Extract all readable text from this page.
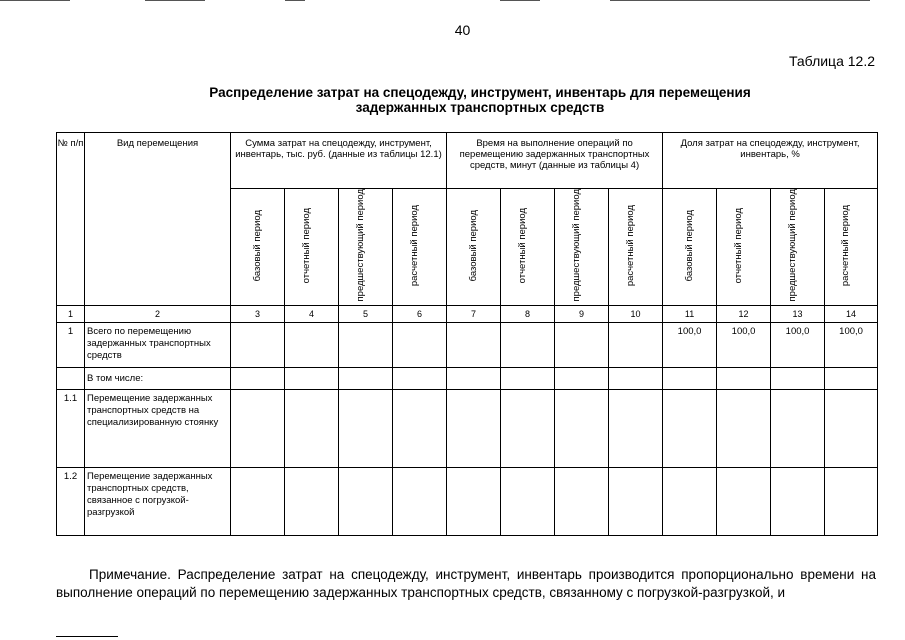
40
Таблица 12.2
Распределение затрат на спецодежду, инструмент, инвентарь для перемещения
задержанных транспортных средств
№ п/п	Вид перемещения	Сумма затрат на спецодежду, инструмент, инвентарь, тыс. руб. (данные из таблицы 12.1)				Время на выполнение операций по перемещению задержанных транспортных средств, минут (данные из таблицы 4)				Доля затрат на спецодежду, инструмент, инвентарь, %			
		базовый период	отчетный период	предшествующий период	расчетный период	базовый период	отчетный период	предшествующий период	расчетный период	базовый период	отчетный период	предшествующий период	расчетный период
1	2	3	4	5	6	7	8	9	10	11	12	13	14
1	Всего по перемещению задержанных транспортных средств									100,0	100,0	100,0	100,0
	В том числе:												
1.1	Перемещение задержанных транспортных средств на специализированную стоянку												
1.2	Перемещение задержанных транспортных средств, связанное с погрузкой-разгрузкой												
Примечание. Распределение затрат на спецодежду, инструмент, инвентарь производится пропорционально времени на выполнение операций по перемещению задержанных транспортных средств, связанному с погрузкой-разгрузкой, и
